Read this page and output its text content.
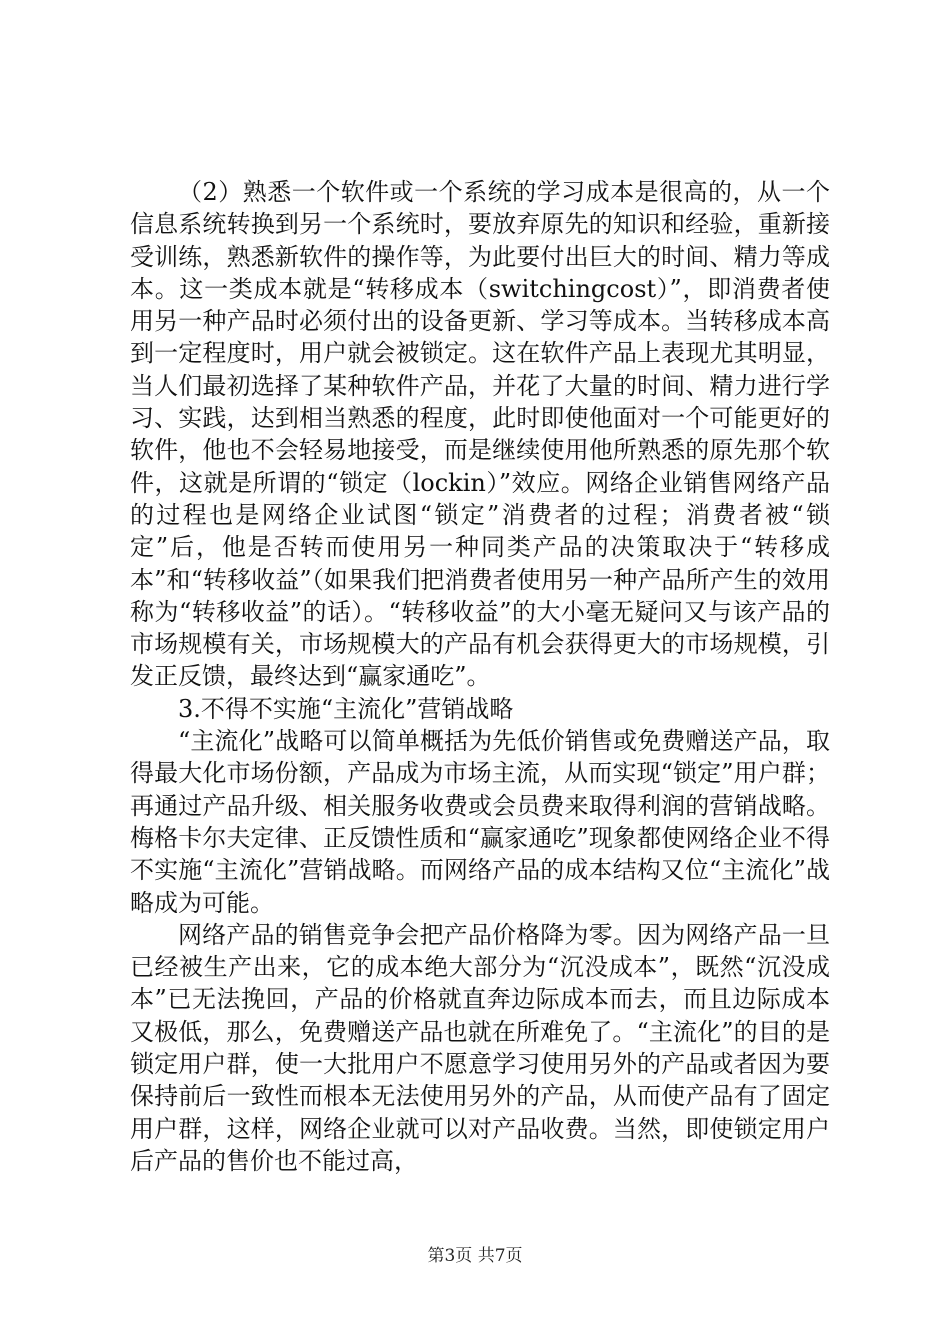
（2）熟悉一个软件或一个系统的学习成本是很高的，从一个信息系统转换到另一个系统时，要放弃原先的知识和经验，重新接受训练，熟悉新软件的操作等，为此要付出巨大的时间、精力等成本。这一类成本就是“转移成本（switchingcost）”，即消费者使用另一种产品时必须付出的设备更新、学习等成本。当转移成本高到一定程度时，用户就会被锁定。这在软件产品上表现尤其明显，当人们最初选择了某种软件产品，并花了大量的时间、精力进行学习、实践，达到相当熟悉的程度，此时即使他面对一个可能更好的软件，他也不会轻易地接受，而是继续使用他所熟悉的原先那个软件，这就是所谓的“锁定（lockin）”效应。网络企业销售网络产品的过程也是网络企业试图“锁定”消费者的过程；消费者被“锁定”后，他是否转而使用另一种同类产品的决策取决于“转移成本”和“转移收益”（如果我们把消费者使用另一种产品所产生的效用称为“转移收益”的话）。“转移收益”的大小毫无疑问又与该产品的市场规模有关，市场规模大的产品有机会获得更大的市场规模，引发正反馈，最终达到“赢家通吃”。

3.不得不实施“主流化”营销战略

“主流化”战略可以简单概括为先低价销售或免费赠送产品，取得最大化市场份额，产品成为市场主流，从而实现“锁定”用户群；再通过产品升级、相关服务收费或会员费来取得利润的营销战略。梅格卡尔夫定律、正反馈性质和“赢家通吃”现象都使网络企业不得不实施“主流化”营销战略。而网络产品的成本结构又位“主流化”战略成为可能。

网络产品的销售竞争会把产品价格降为零。因为网络产品一旦已经被生产出来，它的成本绝大部分为“沉没成本”，既然“沉没成本”已无法挽回，产品的价格就直奔边际成本而去，而且边际成本又极低，那么，免费赠送产品也就在所难免了。“主流化”的目的是锁定用户群，使一大批用户不愿意学习使用另外的产品或者因为要保持前后一致性而根本无法使用另外的产品，从而使产品有了固定用户群，这样，网络企业就可以对产品收费。当然，即使锁定用户后产品的售价也不能过高，

第3页 共7页
